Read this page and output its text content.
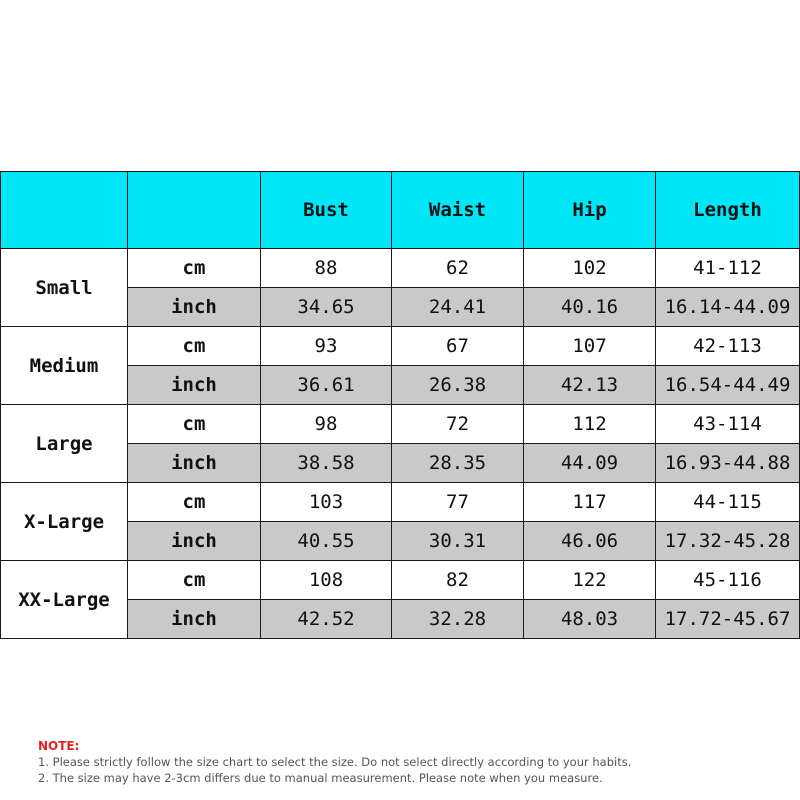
		Bust	Waist	Hip	Length
Small	cm	88	62	102	41-112
	inch	34.65	24.41	40.16	16.14-44.09
Medium	cm	93	67	107	42-113
	inch	36.61	26.38	42.13	16.54-44.49
Large	cm	98	72	112	43-114
	inch	38.58	28.35	44.09	16.93-44.88
X-Large	cm	103	77	117	44-115
	inch	40.55	30.31	46.06	17.32-45.28
XX-Large	cm	108	82	122	45-116
	inch	42.52	32.28	48.03	17.72-45.67
NOTE:
1. Please strictly follow the size chart to select the size. Do not select directly according to your habits.
2. The size may have 2-3cm differs due to manual measurement. Please note when you measure.
